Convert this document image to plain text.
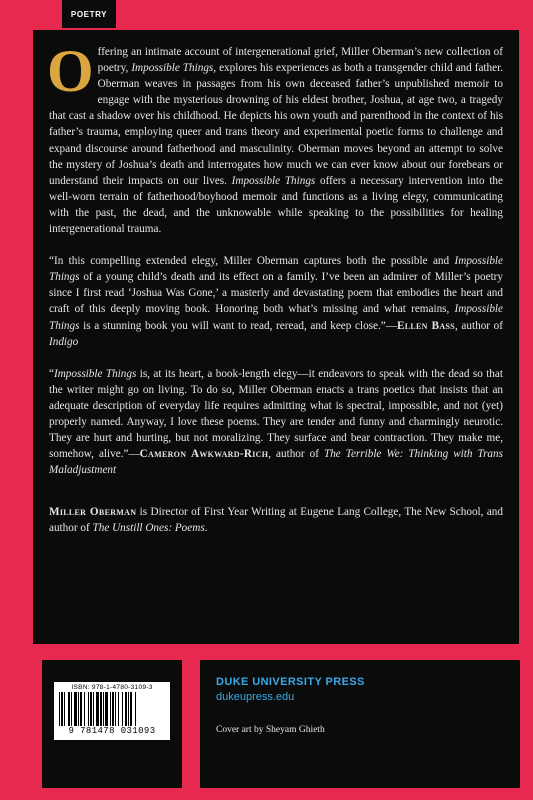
POETRY

Offering an intimate account of intergenerational grief, Miller Oberman’s new collection of poetry, Impossible Things, explores his experiences as both a transgender child and father. Oberman weaves in passages from his own deceased father’s unpublished memoir to engage with the mysterious drowning of his eldest brother, Joshua, at age two, a tragedy that cast a shadow over his childhood. He depicts his own youth and parenthood in the context of his father’s trauma, employing queer and trans theory and experimental poetic forms to challenge and expand discourse around fatherhood and masculinity. Oberman moves beyond an attempt to solve the mystery of Joshua’s death and interrogates how much we can ever know about our forebears or understand their impacts on our lives. Impossible Things offers a necessary intervention into the well-worn terrain of fatherhood/boyhood memoir and functions as a living elegy, communicating with the past, the dead, and the unknowable while speaking to the possibilities for healing intergenerational trauma.

“In this compelling extended elegy, Miller Oberman captures both the possible and Impossible Things of a young child’s death and its effect on a family. I’ve been an admirer of Miller’s poetry since I first read ‘Joshua Was Gone,’ a masterly and devastating poem that embodies the heart and craft of this deeply moving book. Honoring both what’s missing and what remains, Impossible Things is a stunning book you will want to read, reread, and keep close.”—Ellen Bass, author of Indigo

“Impossible Things is, at its heart, a book-length elegy—it endeavors to speak with the dead so that the writer might go on living. To do so, Miller Oberman enacts a trans poetics that insists that an adequate description of everyday life requires admitting what is spectral, impossible, and not (yet) properly named. Anyway, I love these poems. They are tender and funny and charmingly neurotic. They are hurt and hurting, but not moralizing. They surface and bear contraction. They make me, somehow, alive.”—Cameron Awkward-Rich, author of The Terrible We: Thinking with Trans Maladjustment

Miller Oberman is Director of First Year Writing at Eugene Lang College, The New School, and author of The Unstill Ones: Poems.

ISBN: 978-1-4780-3109-3
9 781478 031093
DUKE UNIVERSITY PRESS
dukeupress.edu
Cover art by Sheyam Ghieth
